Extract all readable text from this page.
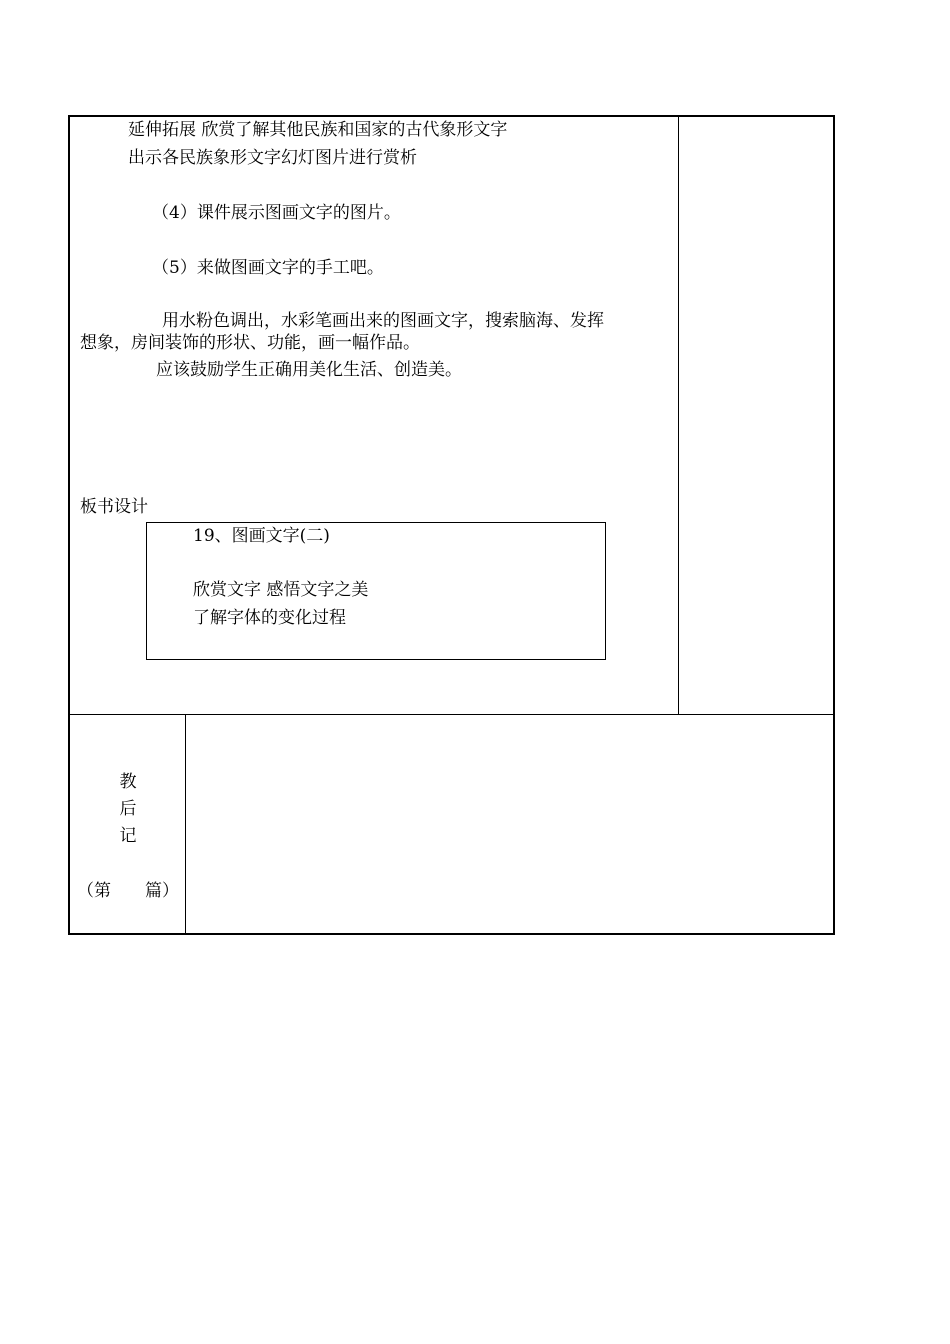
延伸拓展 欣赏了解其他民族和国家的古代象形文字
出示各民族象形文字幻灯图片进行赏析
（4）课件展示图画文字的图片。
（5）来做图画文字的手工吧。
用水粉色调出，水彩笔画出来的图画文字，搜索脑海、发挥
想象，房间装饰的形状、功能，画一幅作品。
应该鼓励学生正确用美化生活、创造美。
板书设计
19、图画文字(二)
欣赏文字 感悟文字之美
了解字体的变化过程
教
后
记
（第　　篇）
